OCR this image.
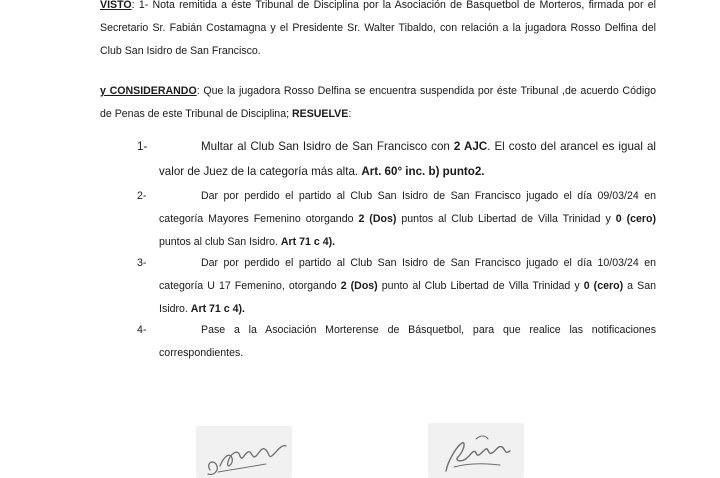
VISTO: 1- Nota remitida a éste Tribunal de Disciplina por la Asociación de Basquetbol de Morteros, firmada por el Secretario Sr. Fabián Costamagna y el Presidente Sr. Walter Tibaldo, con relación a la jugadora Rosso Delfina del Club San Isidro de San Francisco.

y CONSIDERANDO: Que la jugadora Rosso Delfina se encuentra suspendida por éste Tribunal ,de acuerdo Código de Penas de este Tribunal de Disciplina; RESUELVE:

1-	Multar al Club San Isidro de San Francisco con 2 AJC. El costo del arancel es igual al valor de Juez de la categoría más alta. Art. 60° inc. b) punto2.
2-	Dar por perdido el partido al Club San Isidro de San Francisco jugado el día 09/03/24 en categoría Mayores Femenino otorgando 2 (Dos) puntos al Club Libertad de Villa Trinidad y 0 (cero) puntos al club San Isidro. Art 71 c 4).
3-	Dar por perdido el partido al Club San Isidro de San Francisco jugado el día 10/03/24 en categoría U 17 Femenino, otorgando 2 (Dos) punto al Club Libertad de Villa Trinidad y 0 (cero) a San Isidro. Art 71 c 4).
4-	Pase a la Asociación Morterense de Básquetbol, para que realice las notificaciones correspondientes.
